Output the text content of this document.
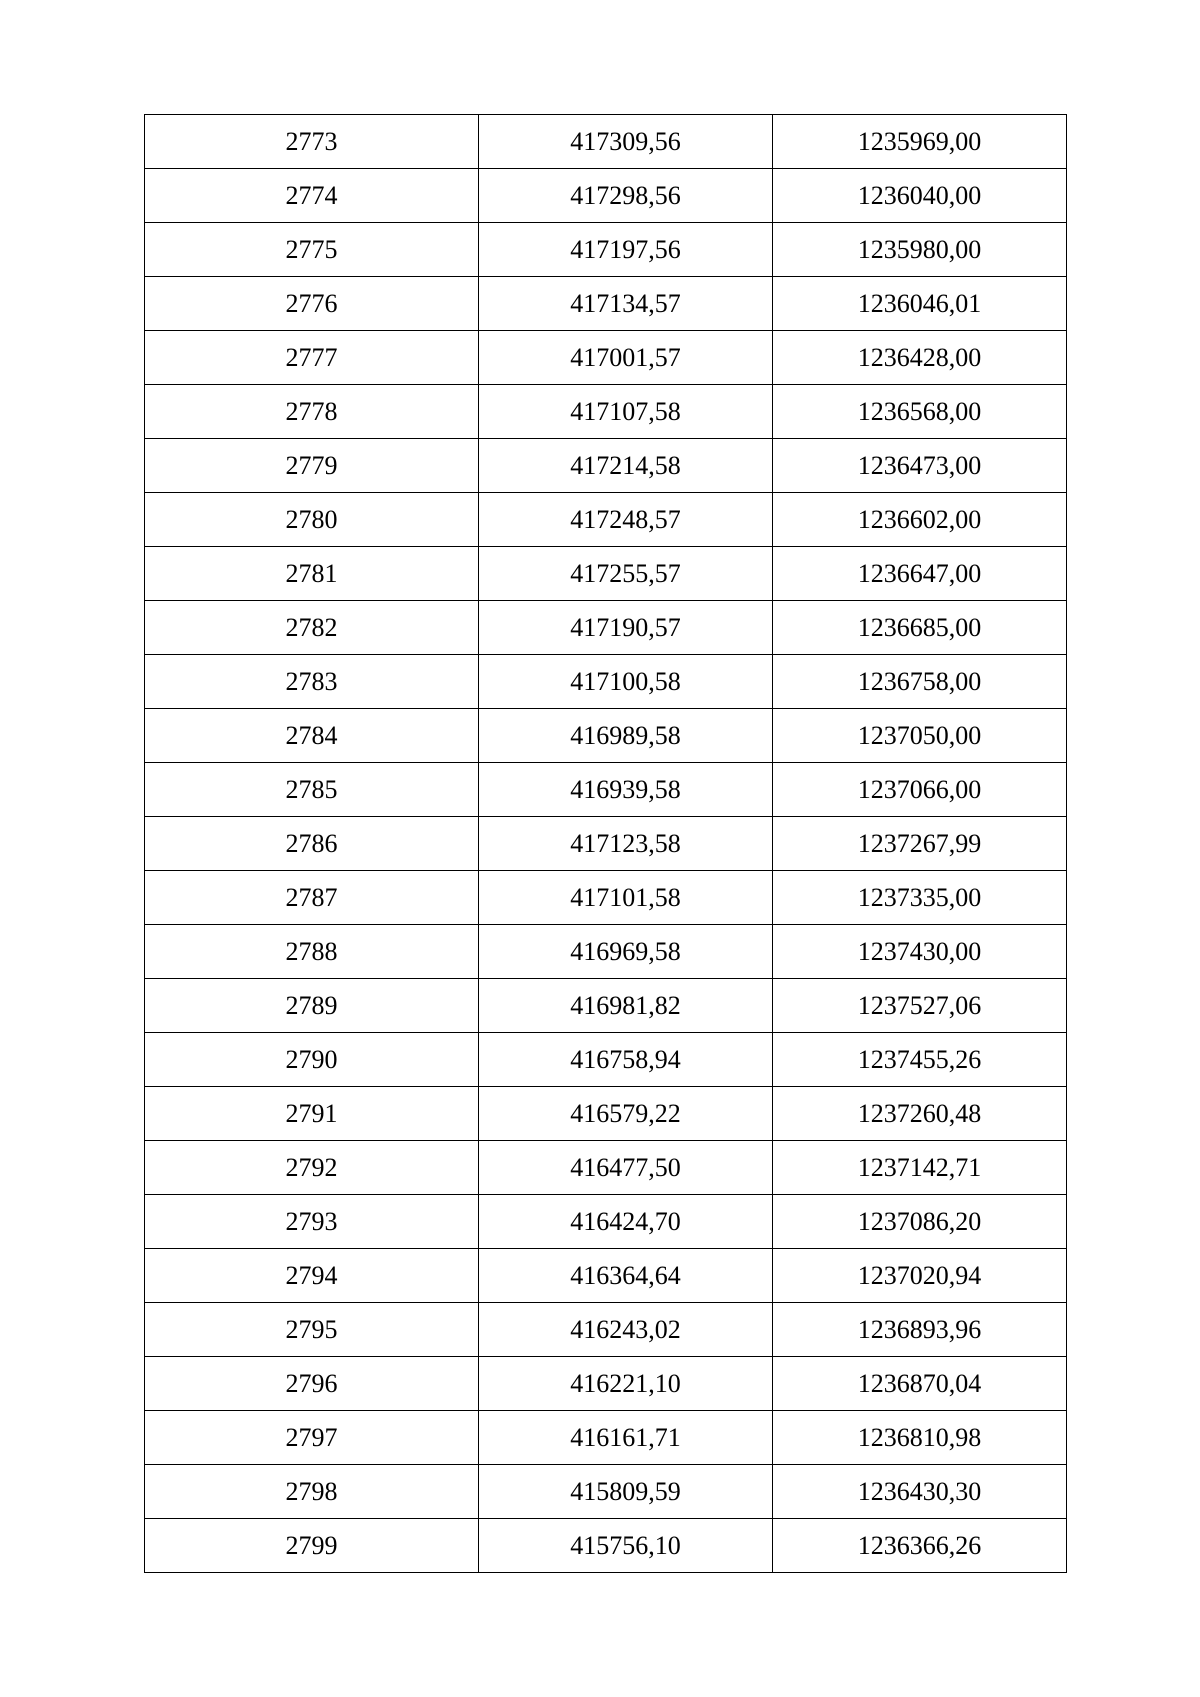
2773	417309,56	1235969,00
2774	417298,56	1236040,00
2775	417197,56	1235980,00
2776	417134,57	1236046,01
2777	417001,57	1236428,00
2778	417107,58	1236568,00
2779	417214,58	1236473,00
2780	417248,57	1236602,00
2781	417255,57	1236647,00
2782	417190,57	1236685,00
2783	417100,58	1236758,00
2784	416989,58	1237050,00
2785	416939,58	1237066,00
2786	417123,58	1237267,99
2787	417101,58	1237335,00
2788	416969,58	1237430,00
2789	416981,82	1237527,06
2790	416758,94	1237455,26
2791	416579,22	1237260,48
2792	416477,50	1237142,71
2793	416424,70	1237086,20
2794	416364,64	1237020,94
2795	416243,02	1236893,96
2796	416221,10	1236870,04
2797	416161,71	1236810,98
2798	415809,59	1236430,30
2799	415756,10	1236366,26
